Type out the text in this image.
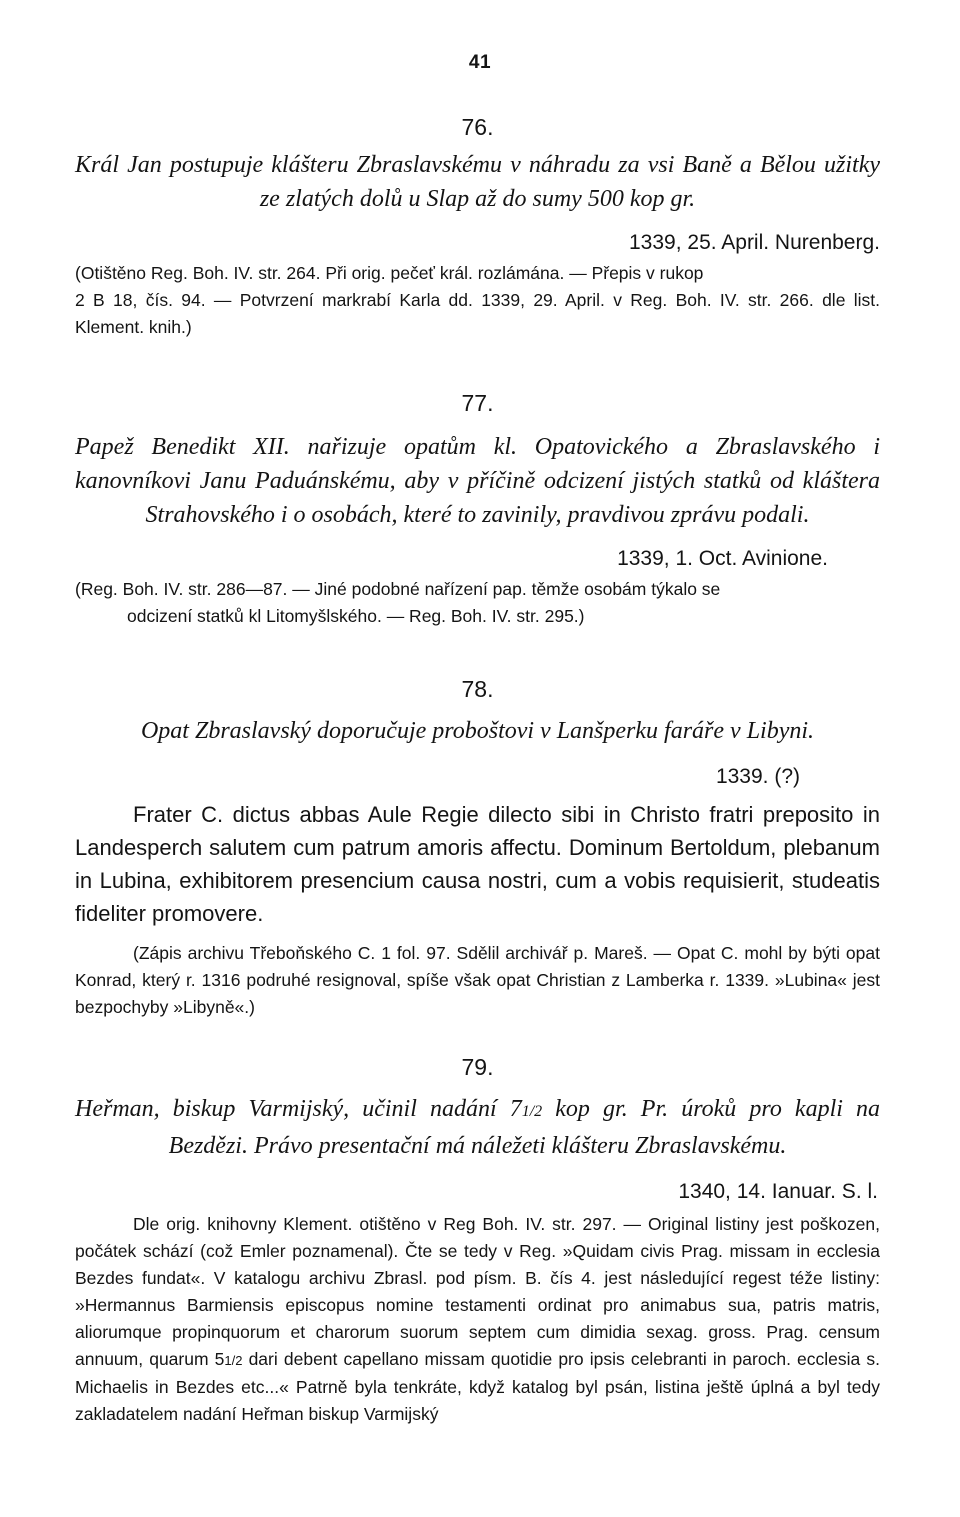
41

76.

Král Jan postupuje klášteru Zbraslavskému v náhradu za vsi Baně a Bělou užitky ze zlatých dolů u Slap až do sumy 500 kop gr.

1339, 25. April. Nurenberg.

(Otištěno Reg. Boh. IV. str. 264. Při orig. pečeť král. rozlámána. — Přepis v rukop
2 B 18, čís. 94. — Potvrzení markrabí Karla dd. 1339, 29. April. v Reg. Boh. IV. str. 266. dle list. Klement. knih.)

77.

Papež Benedikt XII. nařizuje opatům kl. Opatovického a Zbraslavského i kanovníkovi Janu Paduánskému, aby v příčině odcizení jistých statků od kláštera Strahovského i o osobách, které to zavinily, pravdivou zprávu podali.

1339, 1. Oct. Avinione.

(Reg. Boh. IV. str. 286—87. — Jiné podobné nařízení pap. těmže osobám týkalo se
odcizení statků kl Litomyšlského. — Reg. Boh. IV. str. 295.)

78.

Opat Zbraslavský doporučuje proboštovi v Lanšperku faráře v Libyni.

1339. (?)

Frater C. dictus abbas Aule Regie dilecto sibi in Christo fratri preposito in Landesperch salutem cum patrum amoris affectu. Dominum Bertoldum, plebanum in Lubina, exhibitorem presencium causa nostri, cum a vobis requisierit, studeatis fideliter promovere.

(Zápis archivu Třeboňského C. 1 fol. 97. Sdělil archivář p. Mareš. — Opat C. mohl by býti opat Konrad, který r. 1316 podruhé resignoval, spíše však opat Christian z Lamberka r. 1339. »Lubina« jest bezpochyby »Libyně«.)

79.

Heřman, biskup Varmijský, učinil nadání 71/2 kop gr. Pr. úroků pro kapli na Bezdězi. Právo presentační má náležeti klášteru Zbraslavskému.

1340, 14. Ianuar. S. l.

Dle orig. knihovny Klement. otištěno v Reg Boh. IV. str. 297. — Original listiny jest poškozen, počátek schází (což Emler poznamenal). Čte se tedy v Reg. »Quidam civis Prag. missam in ecclesia Bezdes fundat«. V katalogu archivu Zbrasl. pod písm. B. čís 4. jest následující regest téže listiny: »Hermannus Barmiensis episcopus nomine testamenti ordinat pro animabus sua, patris matris, aliorumque propinquorum et charorum suorum septem cum dimidia sexag. gross. Prag. censum annuum, quarum 51/2 dari debent capellano missam quotidie pro ipsis celebranti in paroch. ecclesia s. Michaelis in Bezdes etc...« Patrně byla tenkráte, když katalog byl psán, listina ještě úplná a byl tedy zakladatelem nadání Heřman biskup Varmijský
